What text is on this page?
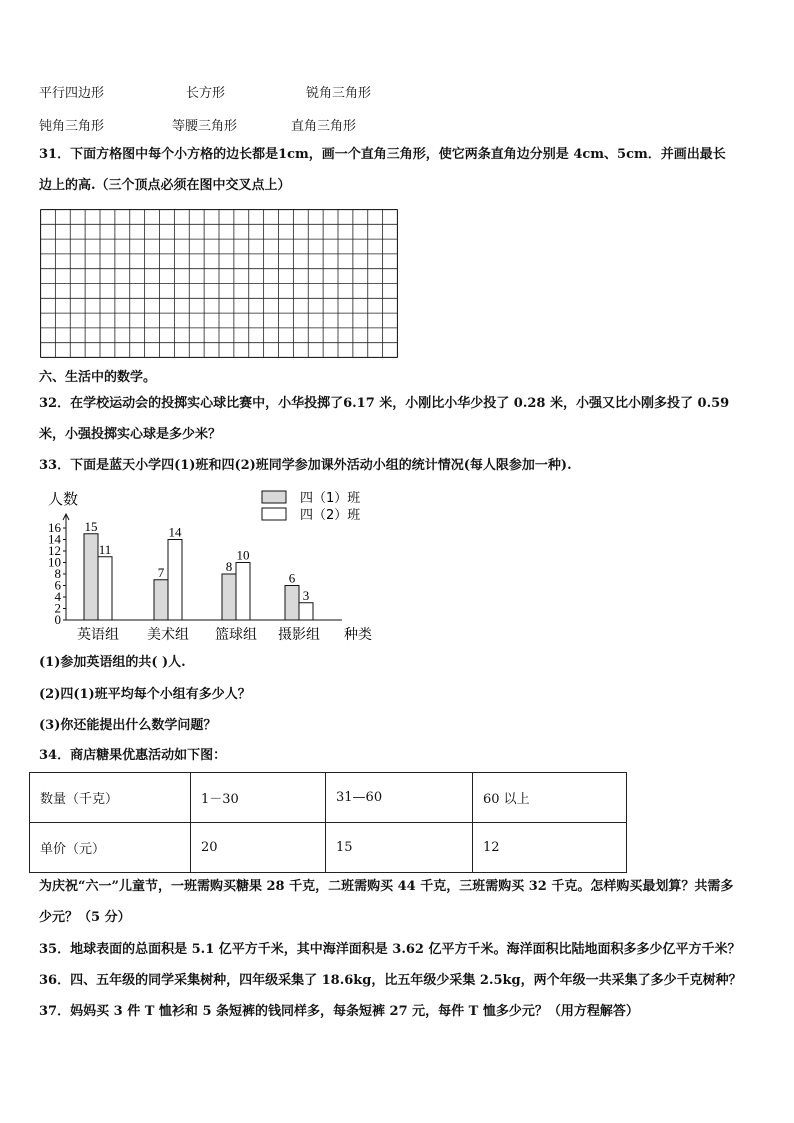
平行四边形	长方形	锐角三角形
钝角三角形	等腰三角形	直角三角形
31．下面方格图中每个小方格的边长都是1cm，画一个直角三角形，使它两条直角边分别是 4cm、5cm．并画出最长
边上的高.（三个顶点必须在图中交叉点上）
六、生活中的数学。
32．在学校运动会的投掷实心球比赛中，小华投掷了6.17 米，小刚比小华少投了 0.28 米，小强又比小刚多投了 0.59
米，小强投掷实心球是多少米？
33．下面是蓝天小学四(1)班和四(2)班同学参加课外活动小组的统计情况(每人限参加一种).
0
2
4
6
8
10
12
14
16
人数
种类
15
11
英语组
7
14
美术组
8
10
篮球组
6
3
摄影组
四（1）班
四（2）班
(1)参加英语组的共( )人.
(2)四(1)班平均每个小组有多少人？
(3)你还能提出什么数学问题？
34．商店糖果优惠活动如下图：
数量（千克）	1－30	31—60	60 以上
单价（元）	20	15	12
为庆祝“六一”儿童节，一班需购买糖果 28 千克，二班需购买 44 千克，三班需购买 32 千克。怎样购买最划算？共需多
少元？（5 分）
35．地球表面的总面积是 5.1 亿平方千米，其中海洋面积是 3.62 亿平方千米。海洋面积比陆地面积多多少亿平方千米？
36．四、五年级的同学采集树种，四年级采集了 18.6kg，比五年级少采集 2.5kg，两个年级一共采集了多少千克树种？
37．妈妈买 3 件 T 恤衫和 5 条短裤的钱同样多，每条短裤 27 元，每件 T 恤多少元？（用方程解答）
